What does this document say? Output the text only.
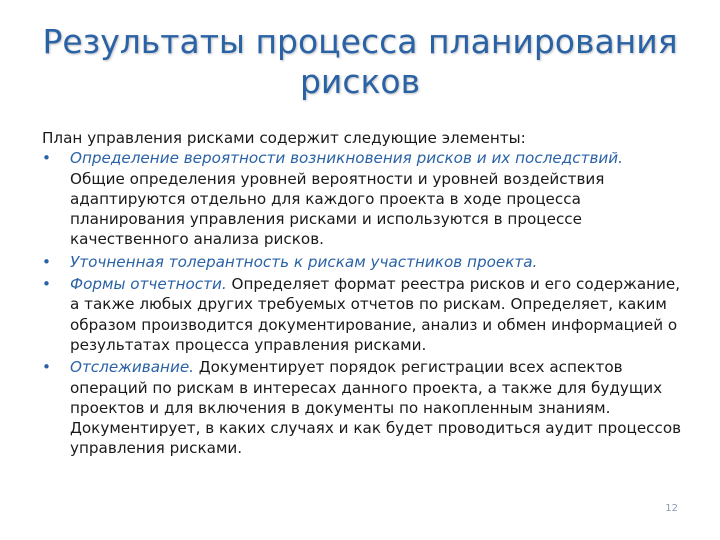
Результаты процесса планирования
рисков

План управления рисками содержит следующие элементы:

•	Определение вероятности возникновения рисков и их последствий. Общие определения уровней вероятности и уровней воздействия адаптируются отдельно для каждого проекта в ходе процесса планирования управления рисками и используются в процессе качественного анализа рисков.
•	Уточненная толерантность к рискам участников проекта.
•	Формы отчетности. Определяет формат реестра рисков и его содержание, а также любых других требуемых отчетов по рискам. Определяет, каким образом производится документирование, анализ и обмен информацией о результатах процесса управления рисками.
•	Отслеживание. Документирует порядок регистрации всех аспектов операций по рискам в интересах данного проекта, а также для будущих проектов и для включения в документы по накопленным знаниям. Документирует, в каких случаях и как будет проводиться аудит процессов управления рисками.
12
